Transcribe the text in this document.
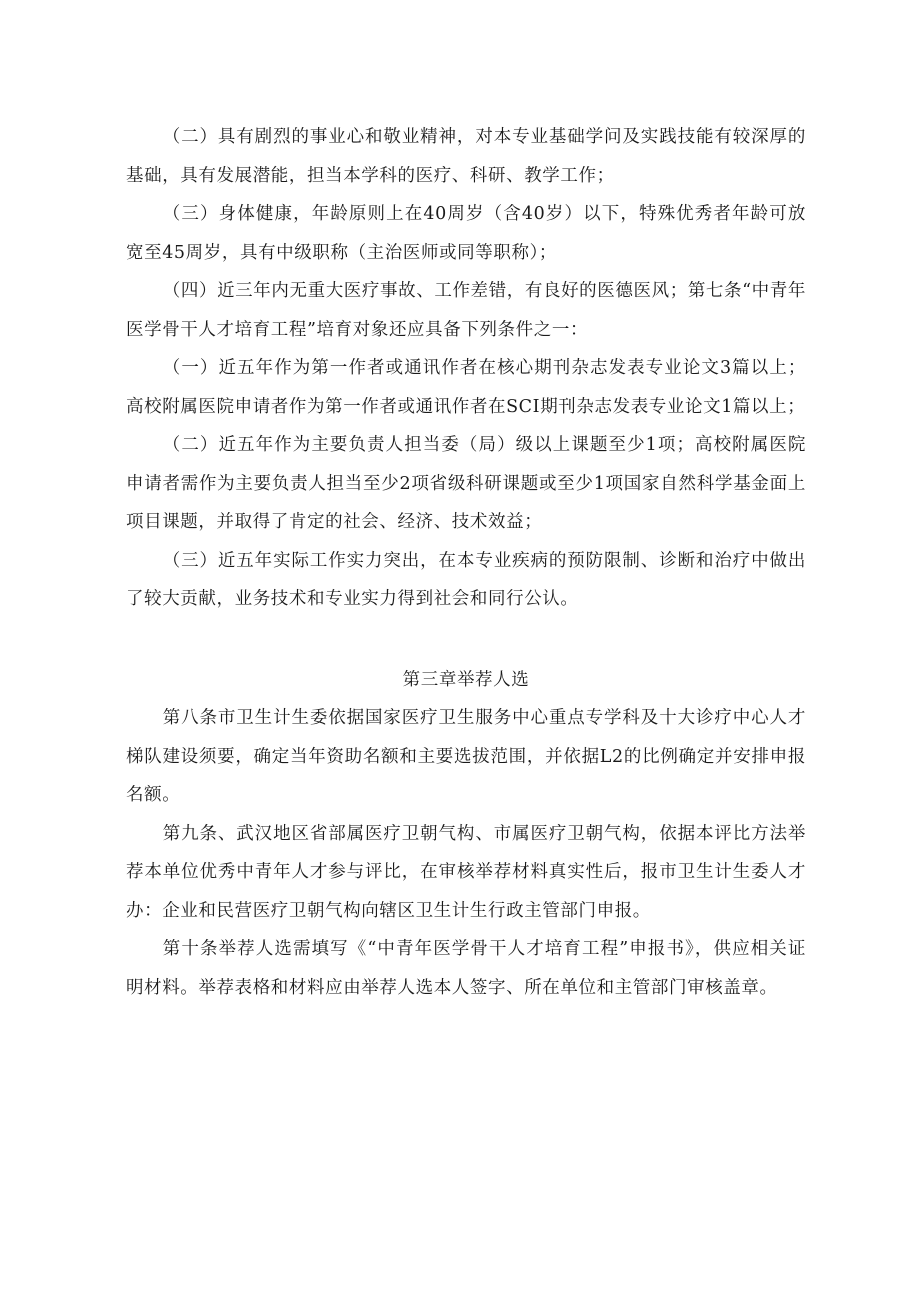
（二）具有剧烈的事业心和敬业精神，对本专业基础学问及实践技能有较深厚的基础，具有发展潜能，担当本学科的医疗、科研、教学工作；

（三）身体健康，年龄原则上在40周岁（含40岁）以下，特殊优秀者年龄可放宽至45周岁，具有中级职称（主治医师或同等职称）；

（四）近三年内无重大医疗事故、工作差错，有良好的医德医风；第七条“中青年医学骨干人才培育工程”培育对象还应具备下列条件之一：

（一）近五年作为第一作者或通讯作者在核心期刊杂志发表专业论文3篇以上；高校附属医院申请者作为第一作者或通讯作者在SCI期刊杂志发表专业论文1篇以上；

（二）近五年作为主要负责人担当委（局）级以上课题至少1项；高校附属医院申请者需作为主要负责人担当至少2项省级科研课题或至少1项国家自然科学基金面上项目课题，并取得了肯定的社会、经济、技术效益；

（三）近五年实际工作实力突出，在本专业疾病的预防限制、诊断和治疗中做出了较大贡献，业务技术和专业实力得到社会和同行公认。

第三章举荐人选

第八条市卫生计生委依据国家医疗卫生服务中心重点专学科及十大诊疗中心人才梯队建设须要，确定当年资助名额和主要选拔范围，并依据L2的比例确定并安排申报名额。

第九条、武汉地区省部属医疗卫朝气构、市属医疗卫朝气构，依据本评比方法举荐本单位优秀中青年人才参与评比，在审核举荐材料真实性后，报市卫生计生委人才办：企业和民营医疗卫朝气构向辖区卫生计生行政主管部门申报。

第十条举荐人选需填写《“中青年医学骨干人才培育工程”申报书》，供应相关证明材料。举荐表格和材料应由举荐人选本人签字、所在单位和主管部门审核盖章。
